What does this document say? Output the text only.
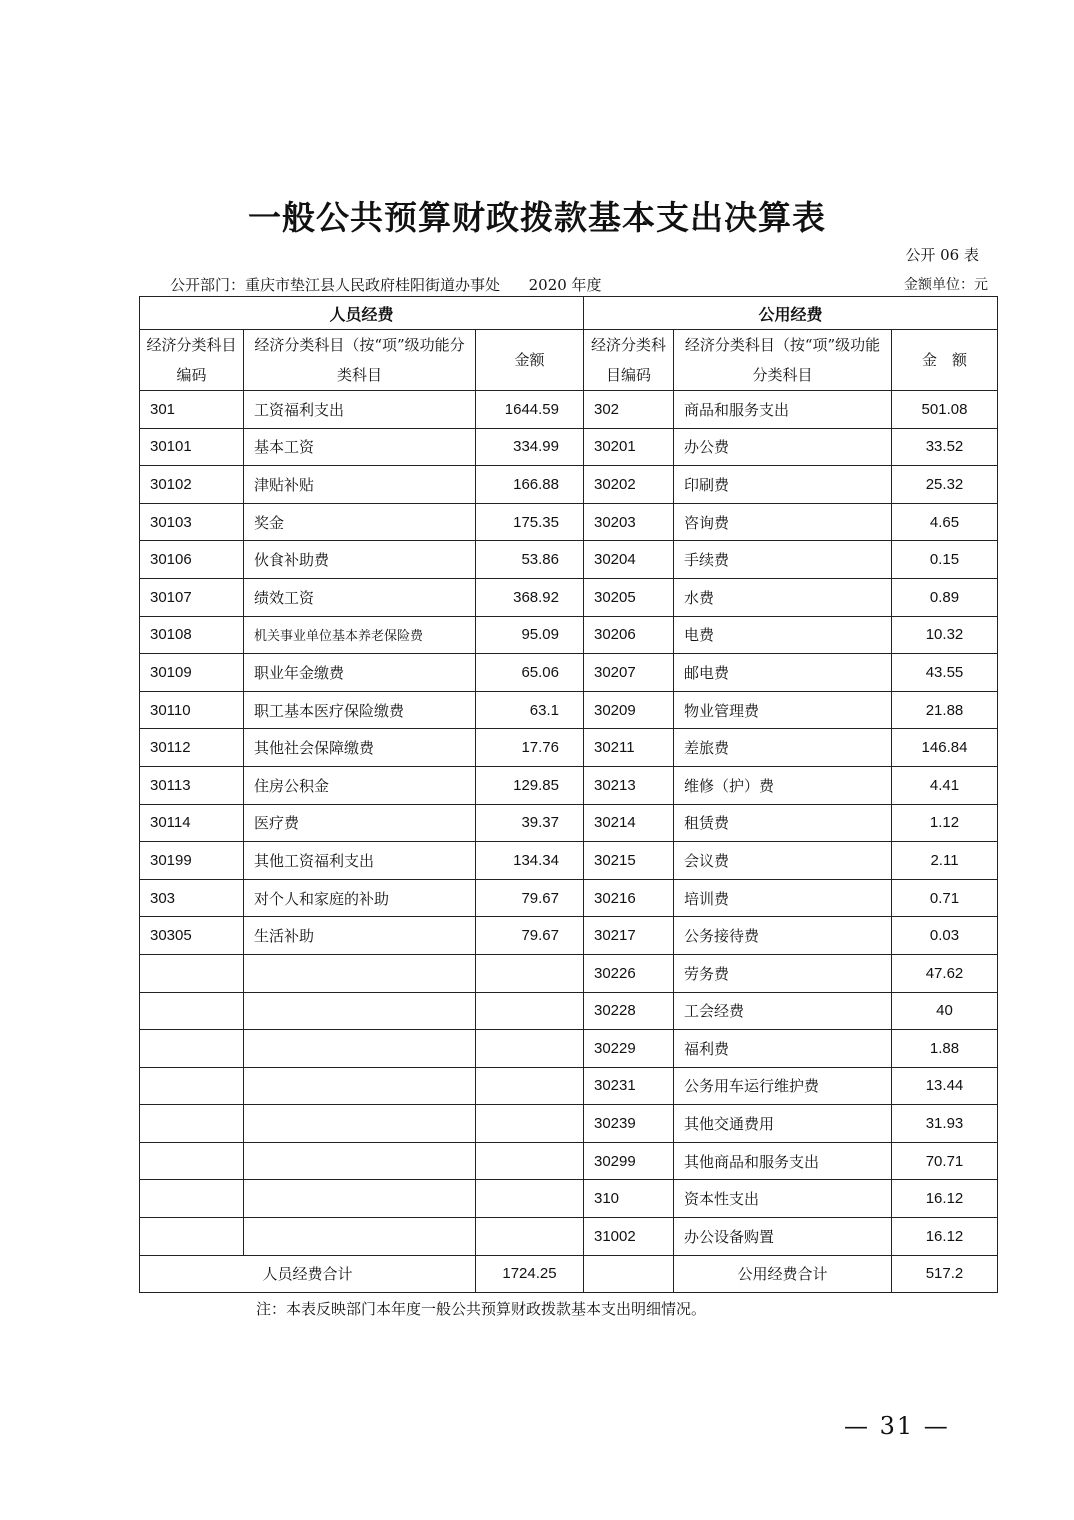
一般公共预算财政拨款基本支出决算表
公开 06 表
公开部门：重庆市垫江县人民政府桂阳街道办事处      2020 年度	金额单位：元
人员经费			公用经费		
经济分类科目编码	经济分类科目（按“项”级功能分类科目	金额	经济分类科目编码	经济分类科目（按“项”级功能分类科目	金　额
301	工资福利支出	1644.59	302	商品和服务支出	501.08
30101	基本工资	334.99	30201	办公费	33.52
30102	津贴补贴	166.88	30202	印刷费	25.32
30103	奖金	175.35	30203	咨询费	4.65
30106	伙食补助费	53.86	30204	手续费	0.15
30107	绩效工资	368.92	30205	水费	0.89
30108	机关事业单位基本养老保险费	95.09	30206	电费	10.32
30109	职业年金缴费	65.06	30207	邮电费	43.55
30110	职工基本医疗保险缴费	63.1	30209	物业管理费	21.88
30112	其他社会保障缴费	17.76	30211	差旅费	146.84
30113	住房公积金	129.85	30213	维修（护）费	4.41
30114	医疗费	39.37	30214	租赁费	1.12
30199	其他工资福利支出	134.34	30215	会议费	2.11
303	对个人和家庭的补助	79.67	30216	培训费	0.71
30305	生活补助	79.67	30217	公务接待费	0.03
			30226	劳务费	47.62
			30228	工会经费	40
			30229	福利费	1.88
			30231	公务用车运行维护费	13.44
			30239	其他交通费用	31.93
			30299	其他商品和服务支出	70.71
			310	资本性支出	16.12
			31002	办公设备购置	16.12
人员经费合计		1724.25		公用经费合计	517.2
注：本表反映部门本年度一般公共预算财政拨款基本支出明细情况。
— 31 —
